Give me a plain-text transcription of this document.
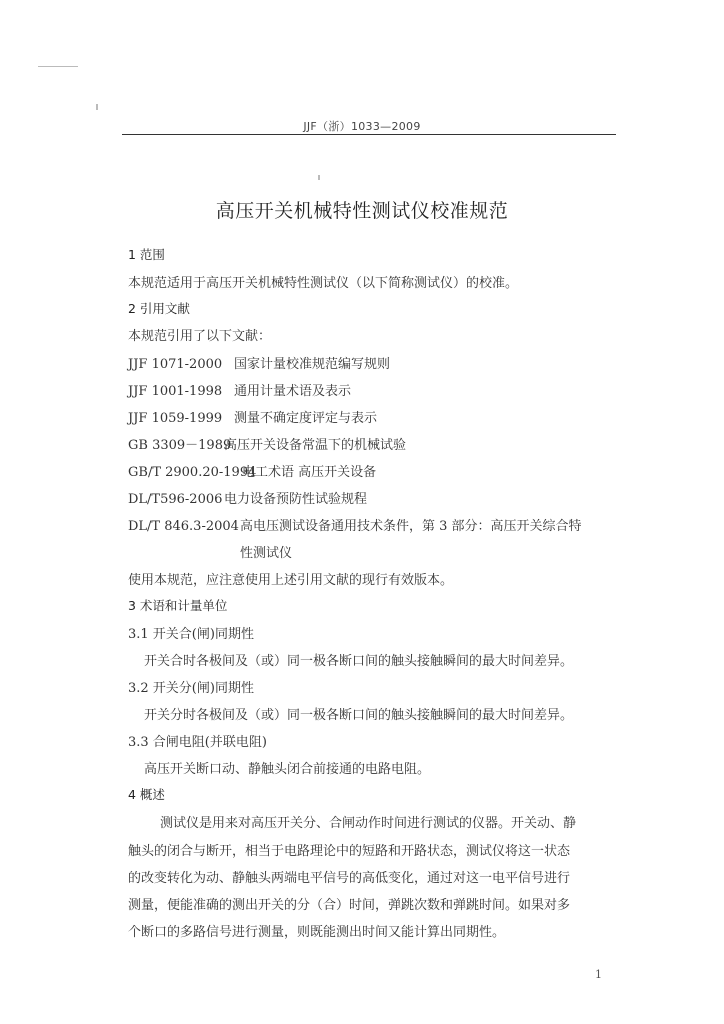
JJF（浙）1033—2009
高压开关机械特性测试仪校准规范
1 范围
本规范适用于高压开关机械特性测试仪（以下简称测试仪）的校准。
2 引用文献
本规范引用了以下文献：
JJF 1071-2000 国家计量校准规范编写规则
JJF 1001-1998 通用计量术语及表示
JJF 1059-1999 测量不确定度评定与表示
GB 3309－1989高压开关设备常温下的机械试验
GB/T 2900.20-1994电工术语 高压开关设备
DL/T596-2006 电力设备预防性试验规程
DL/T 846.3-2004高电压测试设备通用技术条件，第 3 部分：高压开关综合特
性测试仪
使用本规范，应注意使用上述引用文献的现行有效版本。
3 术语和计量单位
3.1 开关合(闸)同期性
开关合时各极间及（或）同一极各断口间的触头接触瞬间的最大时间差异。
3.2 开关分(闸)同期性
开关分时各极间及（或）同一极各断口间的触头接触瞬间的最大时间差异。
3.3 合闸电阻(并联电阻)
高压开关断口动、静触头闭合前接通的电路电阻。
4 概述
测试仪是用来对高压开关分、合闸动作时间进行测试的仪器。开关动、静
触头的闭合与断开，相当于电路理论中的短路和开路状态，测试仪将这一状态
的改变转化为动、静触头两端电平信号的高低变化，通过对这一电平信号进行
测量，便能准确的测出开关的分（合）时间，弹跳次数和弹跳时间。如果对多
个断口的多路信号进行测量，则既能测出时间又能计算出同期性。
1
